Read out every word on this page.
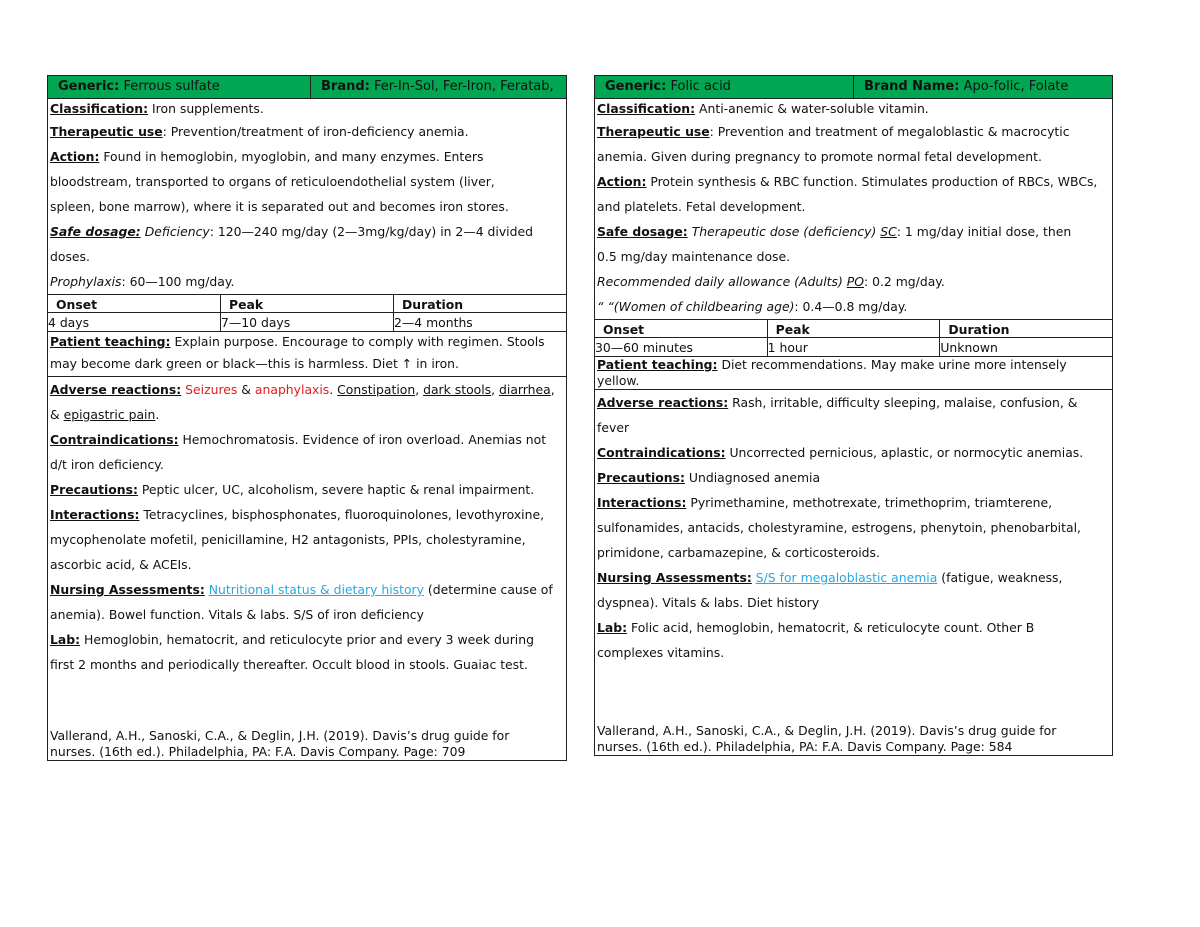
Generic: Ferrous sulfate	Brand: Fer-In-Sol, Fer-Iron, Feratab,
Classification: Iron supplements.
Therapeutic use: Prevention/treatment of iron-deficiency anemia.
Action: Found in hemoglobin, myoglobin, and many enzymes. Enters
bloodstream, transported to organs of reticuloendothelial system (liver,
spleen, bone marrow), where it is separated out and becomes iron stores.
Safe dosage: Deficiency: 120—240 mg/day (2—3mg/kg/day) in 2—4 divided
doses.
Prophylaxis: 60—100 mg/day.
Onset	Peak	Duration
4 days	7—10 days	2—4 months
Patient teaching: Explain purpose. Encourage to comply with regimen. Stools
may become dark green or black—this is harmless. Diet ↑ in iron.
Adverse reactions: Seizures & anaphylaxis. Constipation, dark stools, diarrhea,
& epigastric pain.
Contraindications: Hemochromatosis. Evidence of iron overload. Anemias not
d/t iron deficiency.
Precautions: Peptic ulcer, UC, alcoholism, severe haptic & renal impairment.
Interactions: Tetracyclines, bisphosphonates, fluoroquinolones, levothyroxine,
mycophenolate mofetil, penicillamine, H2 antagonists, PPIs, cholestyramine,
ascorbic acid, & ACEIs.
Nursing Assessments: Nutritional status & dietary history (determine cause of
anemia). Bowel function. Vitals & labs. S/S of iron deficiency
Lab: Hemoglobin, hematocrit, and reticulocyte prior and every 3 week during
first 2 months and periodically thereafter. Occult blood in stools. Guaiac test.
Vallerand, A.H., Sanoski, C.A., & Deglin, J.H. (2019). Davis’s drug guide for
nurses. (16th ed.). Philadelphia, PA: F.A. Davis Company. Page: 709
Generic: Folic acid	Brand Name: Apo-folic, Folate
Classification: Anti-anemic & water-soluble vitamin.
Therapeutic use: Prevention and treatment of megaloblastic & macrocytic
anemia. Given during pregnancy to promote normal fetal development.
Action: Protein synthesis & RBC function. Stimulates production of RBCs, WBCs,
and platelets. Fetal development.
Safe dosage: Therapeutic dose (deficiency) SC: 1 mg/day initial dose, then
0.5 mg/day maintenance dose.
Recommended daily allowance (Adults) PO: 0.2 mg/day.
“ “(Women of childbearing age): 0.4—0.8 mg/day.
Onset	Peak	Duration
30—60 minutes	1 hour	Unknown
Patient teaching: Diet recommendations. May make urine more intensely
yellow.
Adverse reactions: Rash, irritable, difficulty sleeping, malaise, confusion, &
fever
Contraindications: Uncorrected pernicious, aplastic, or normocytic anemias.
Precautions: Undiagnosed anemia
Interactions: Pyrimethamine, methotrexate, trimethoprim, triamterene,
sulfonamides, antacids, cholestyramine, estrogens, phenytoin, phenobarbital,
primidone, carbamazepine, & corticosteroids.
Nursing Assessments: S/S for megaloblastic anemia (fatigue, weakness,
dyspnea). Vitals & labs. Diet history
Lab: Folic acid, hemoglobin, hematocrit, & reticulocyte count. Other B
complexes vitamins.
Vallerand, A.H., Sanoski, C.A., & Deglin, J.H. (2019). Davis’s drug guide for
nurses. (16th ed.). Philadelphia, PA: F.A. Davis Company. Page: 584
